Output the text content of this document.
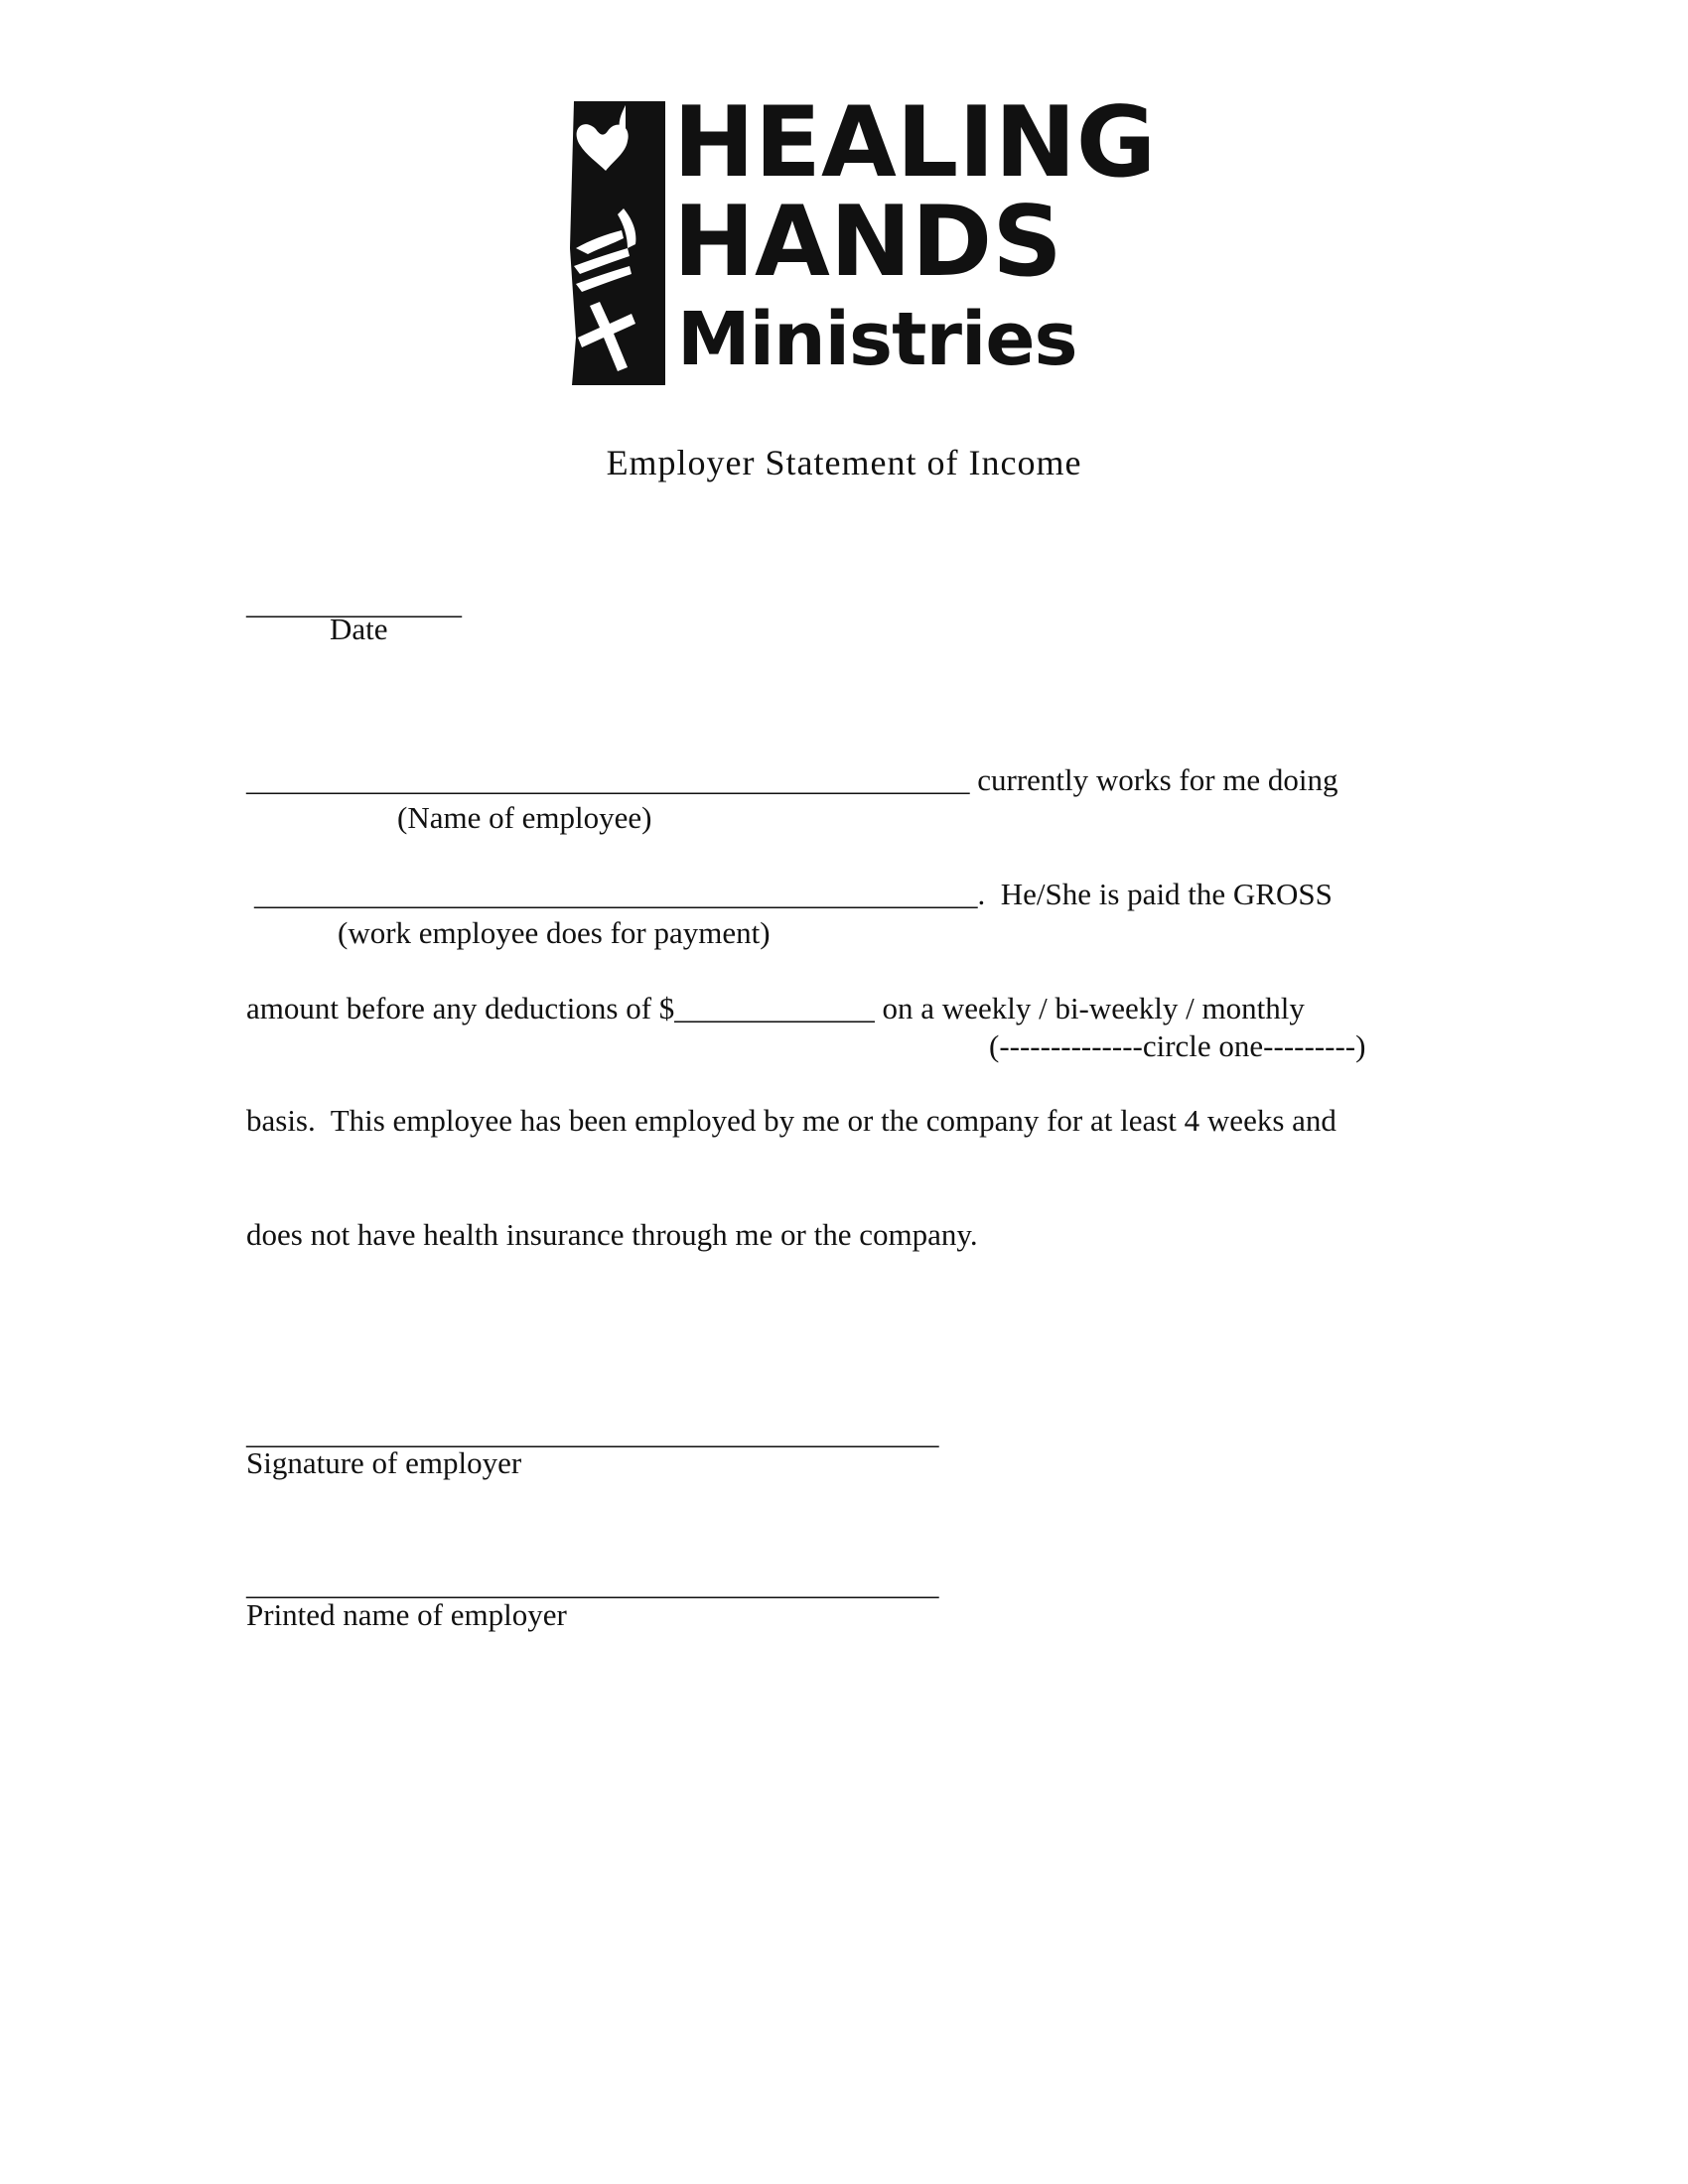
HEALING
HANDS
Ministries
Employer Statement of Income
______________
Date
_______________________________________________ currently works for me doing
(Name of employee)
_______________________________________________.  He/She is paid the GROSS
(work employee does for payment)
amount before any deductions of $_____________ on a weekly / bi-weekly / monthly
(--------------circle one---------)
basis.  This employee has been employed by me or the company for at least 4 weeks and
does not have health insurance through me or the company.
_____________________________________________
Signature of employer
_____________________________________________
Printed name of employer
